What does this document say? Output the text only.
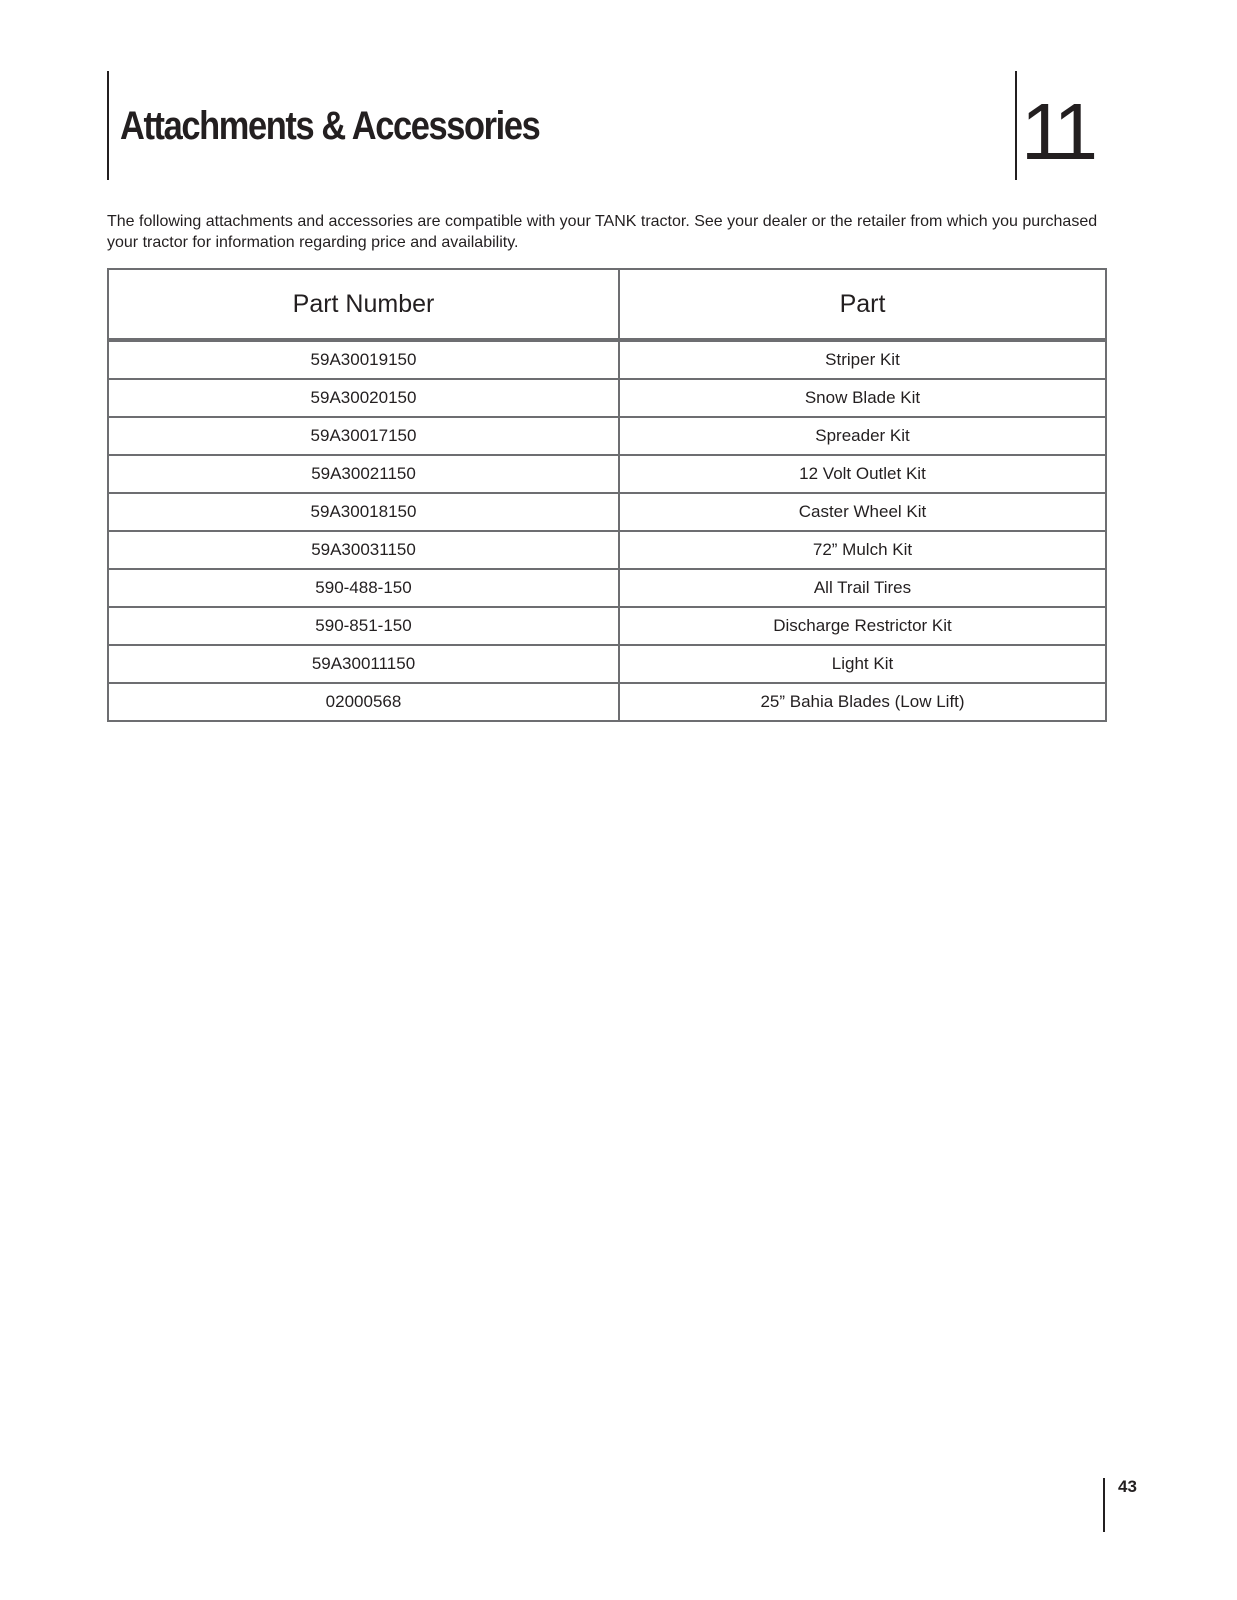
Attachments & Accessories	11

The following attachments and accessories are compatible with your TANK tractor. See your dealer or the retailer from which you purchased your tractor for information regarding price and availability.

Part Number	Part
59A30019150	Striper Kit
59A30020150	Snow Blade Kit
59A30017150	Spreader Kit
59A30021150	12 Volt Outlet Kit
59A30018150	Caster Wheel Kit
59A30031150	72” Mulch Kit
590-488-150	All Trail Tires
590-851-150	Discharge Restrictor Kit
59A30011150	Light Kit
02000568	25” Bahia Blades (Low Lift)
43
